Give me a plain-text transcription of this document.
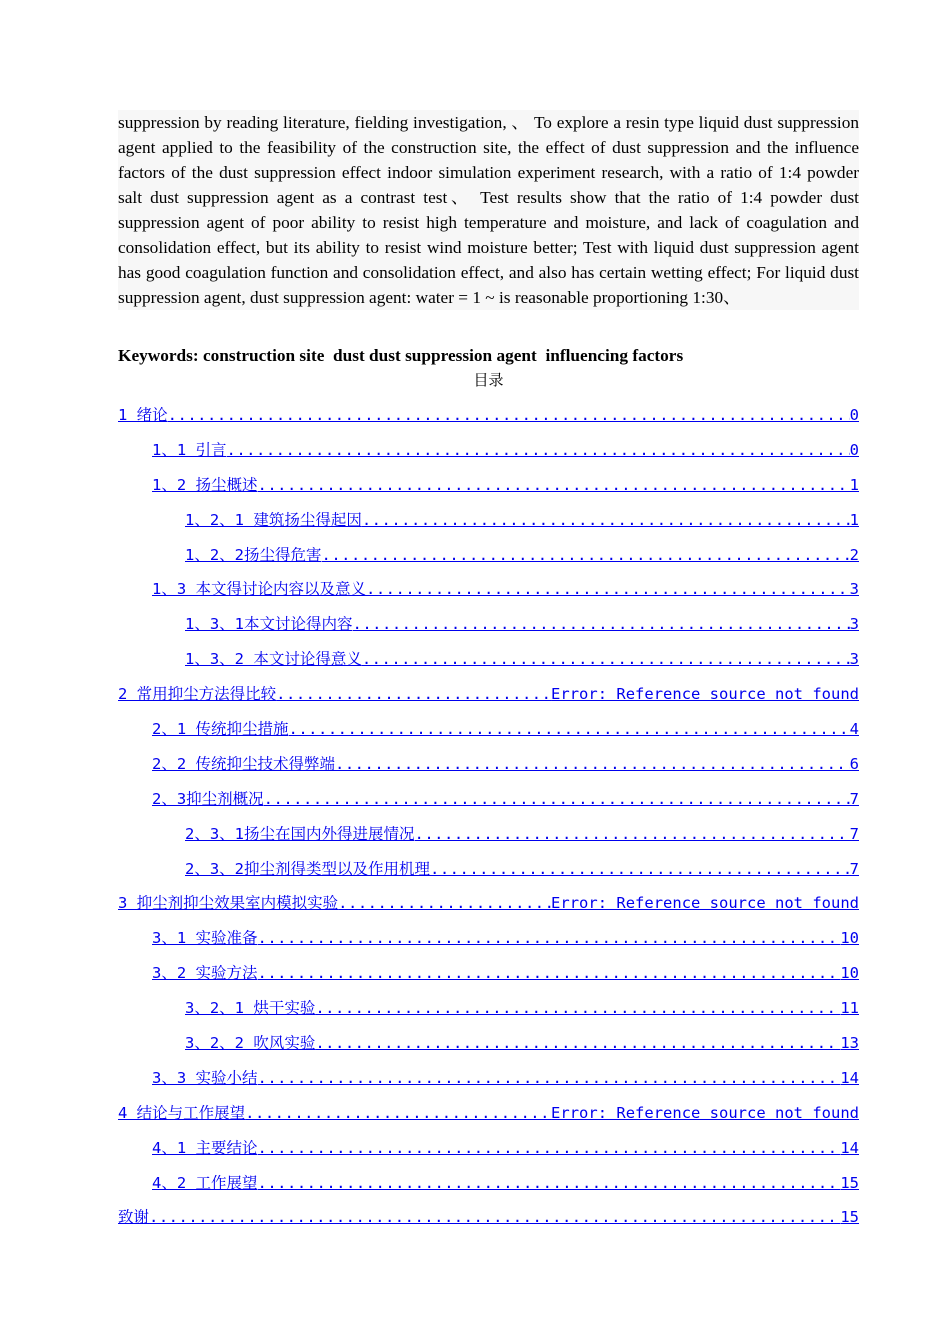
suppression by reading literature, fielding investigation, 、 To explore a resin type liquid dust suppression agent applied to the feasibility of the construction site, the effect of dust suppression and the influence factors of the dust suppression effect indoor simulation experiment research, with a ratio of 1:4 powder salt dust suppression agent as a contrast test、 Test results show that the ratio of 1:4 powder dust suppression agent of poor ability to resist high temperature and moisture, and lack of coagulation and consolidation effect, but its ability to resist wind moisture better; Test with liquid dust suppression agent has good coagulation function and consolidation effect, and also has certain wetting effect; For liquid dust suppression agent, dust suppression agent: water = 1 ~ is reasonable proportioning 1:30、
Keywords: construction site  dust dust suppression agent  influencing factors
目录
1 绪论 .....	0
1、1 引言 .....	0
1、2 扬尘概述 .....	1
1、2、1 建筑扬尘得起因 .....	1
1、2、2扬尘得危害 .....	2
1、3 本文得讨论内容以及意义 .....	3
1、3、1本文讨论得内容 .....	3
1、3、2 本文讨论得意义 .....	3
2 常用抑尘方法得比较 .....	Error: Reference source not found
2、1 传统抑尘措施 .....	4
2、2 传统抑尘技术得弊端 .....	6
2、3抑尘剂概况 .....	7
2、3、1扬尘在国内外得进展情况 .....	7
2、3、2抑尘剂得类型以及作用机理 .....	7
3 抑尘剂抑尘效果室内模拟实验 .....	Error: Reference source not found
3、1 实验准备 .....	10
3、2 实验方法 .....	10
3、2、1 烘干实验 .....	11
3、2、2 吹风实验 .....	13
3、3 实验小结 .....	14
4 结论与工作展望 .....	Error: Reference source not found
4、1 主要结论 .....	14
4、2 工作展望 .....	15
致谢 .....	15
